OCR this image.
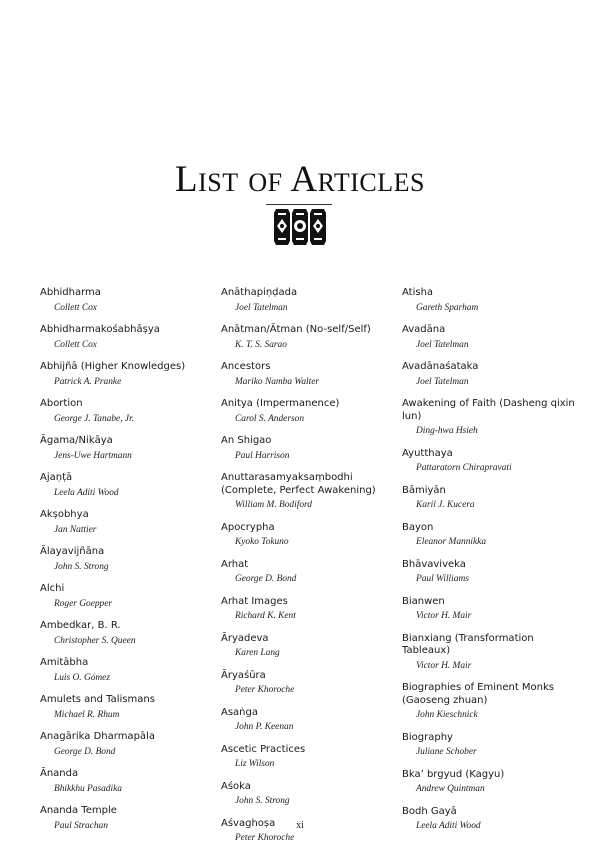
List of Articles
Abhidharma
Collett Cox
Abhidharmakośabhāṣya
Collett Cox
Abhijñā (Higher Knowledges)
Patrick A. Pranke
Abortion
George J. Tanabe, Jr.
Āgama/Nikāya
Jens-Uwe Hartmann
Ajaṇṭā
Leela Aditi Wood
Akṣobhya
Jan Nattier
Ālayavijñāna
John S. Strong
Alchi
Roger Goepper
Ambedkar, B. R.
Christopher S. Queen
Amitābha
Luis O. Gómez
Amulets and Talismans
Michael R. Rhum
Anagārika Dharmapāla
George D. Bond
Ānanda
Bhikkhu Pasadika
Ananda Temple
Paul Strachan
Anāthapiṇḍada
Joel Tatelman
Anātman/Ātman (No-self/Self)
K. T. S. Sarao
Ancestors
Mariko Namba Walter
Anitya (Impermanence)
Carol S. Anderson
An Shigao
Paul Harrison
Anuttarasamyaksaṃbodhi (Complete, Perfect Awakening)
William M. Bodiford
Apocrypha
Kyoko Tokuno
Arhat
George D. Bond
Arhat Images
Richard K. Kent
Āryadeva
Karen Lang
Āryaśūra
Peter Khoroche
Asaṅga
John P. Keenan
Ascetic Practices
Liz Wilson
Aśoka
John S. Strong
Aśvaghoṣa
Peter Khoroche
Atisha
Gareth Sparham
Avadāna
Joel Tatelman
Avadānaśataka
Joel Tatelman
Awakening of Faith (Dasheng qixin lun)
Ding-hwa Hsieh
Ayutthaya
Pattaratorn Chirapravati
Bāmiyān
Karil J. Kucera
Bayon
Eleanor Mannikka
Bhāvaviveka
Paul Williams
Bianwen
Victor H. Mair
Bianxiang (Transformation Tableaux)
Victor H. Mair
Biographies of Eminent Monks (Gaoseng zhuan)
John Kieschnick
Biography
Juliane Schober
Bka’ brgyud (Kagyu)
Andrew Quintman
Bodh Gayā
Leela Aditi Wood
xi
